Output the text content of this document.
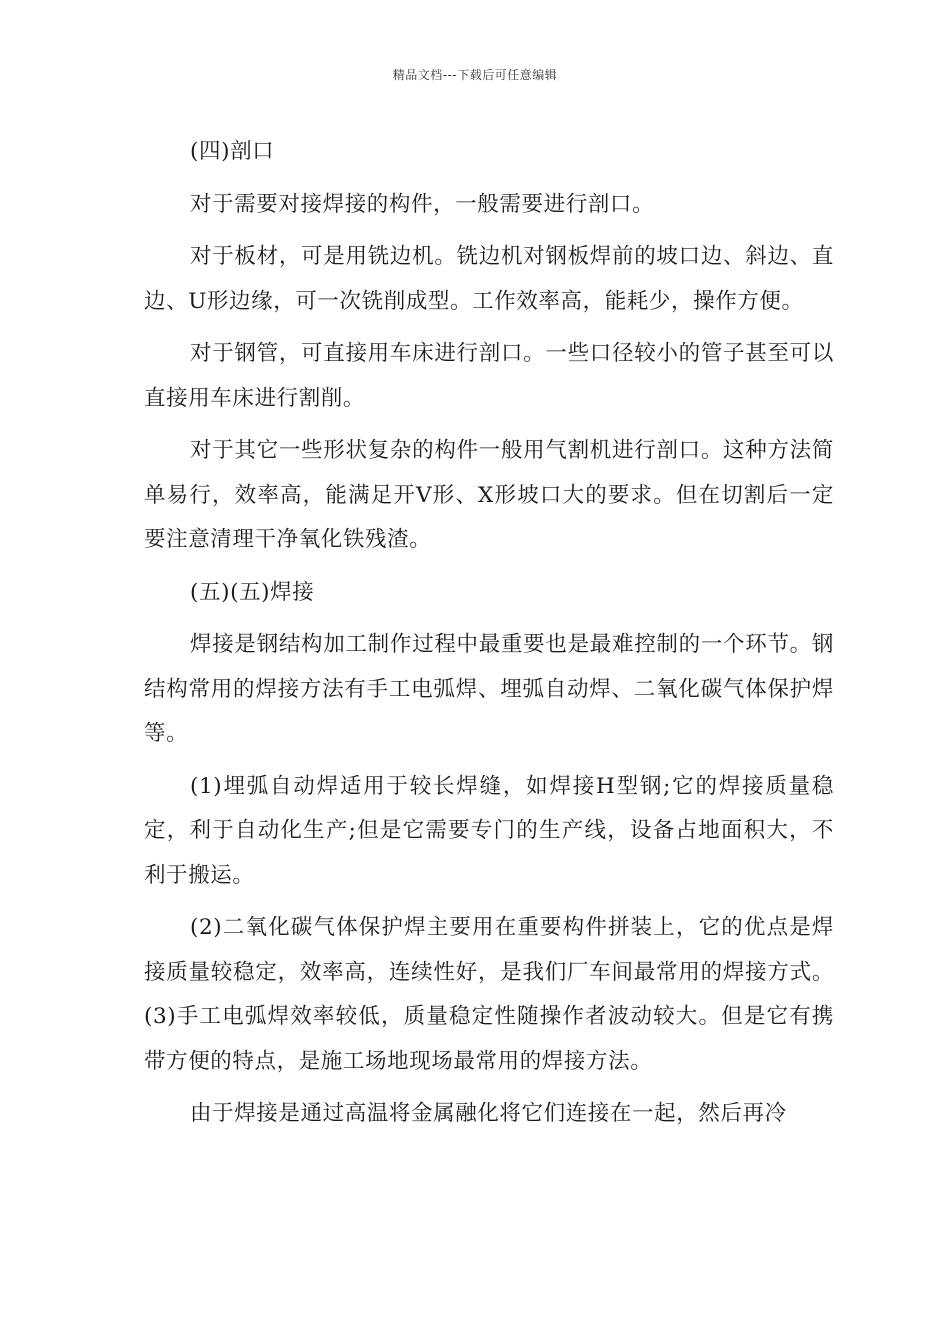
精品文档---下载后可任意编辑

(四)剖口

对于需要对接焊接的构件，一般需要进行剖口。

对于板材，可是用铣边机。铣边机对钢板焊前的坡口边、斜边、直边、U形边缘，可一次铣削成型。工作效率高，能耗少，操作方便。

对于钢管，可直接用车床进行剖口。一些口径较小的管子甚至可以直接用车床进行割削。

对于其它一些形状复杂的构件一般用气割机进行剖口。这种方法简单易行，效率高，能满足开V形、X形坡口大的要求。但在切割后一定要注意清理干净氧化铁残渣。

(五)(五)焊接

焊接是钢结构加工制作过程中最重要也是最难控制的一个环节。钢结构常用的焊接方法有手工电弧焊、埋弧自动焊、二氧化碳气体保护焊等。

(1)埋弧自动焊适用于较长焊缝，如焊接H型钢;它的焊接质量稳定，利于自动化生产;但是它需要专门的生产线，设备占地面积大，不利于搬运。

(2)二氧化碳气体保护焊主要用在重要构件拼装上，它的优点是焊接质量较稳定，效率高，连续性好，是我们厂车间最常用的焊接方式。(3)手工电弧焊效率较低，质量稳定性随操作者波动较大。但是它有携带方便的特点，是施工场地现场最常用的焊接方法。

由于焊接是通过高温将金属融化将它们连接在一起，然后再冷
